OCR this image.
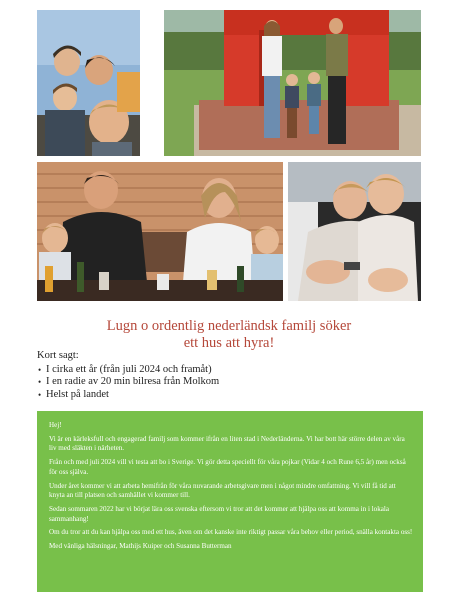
Lugn o ordentlig nederländsk familj söker
ett hus att hyra!
Kort sagt:
• I cirka ett år (från juli 2024 och framåt)
• I en radie av 20 min bilresa från Molkom
• Helst på landet

Hej!

Vi är en kärleksfull och engagerad familj som kommer ifrån en liten stad i Nederländerna. Vi har bott här större delen av våra liv med släkten i närheten.

Från och med juli 2024 vill vi testa att bo i Sverige. Vi gör detta speciellt för våra pojkar (Vidar 4 och Rune 6,5 år) men också för oss själva.

Under året kommer vi att arbeta hemifrån för våra nuvarande arbetsgivare men i något mindre omfattning. Vi vill få tid att knyta an till platsen och samhället vi kommer till.

Sedan sommaren 2022 har vi börjat lära oss svenska eftersom vi tror att det kommer att hjälpa oss att komma in i lokala sammanhang!

Om du tror att du kan hjälpa oss med ett hus, även om det kanske inte riktigt passar våra behov eller period, snälla kontakta oss!

Med vänliga hälsningar, Mathijs Kuiper och Susanna Butterman
